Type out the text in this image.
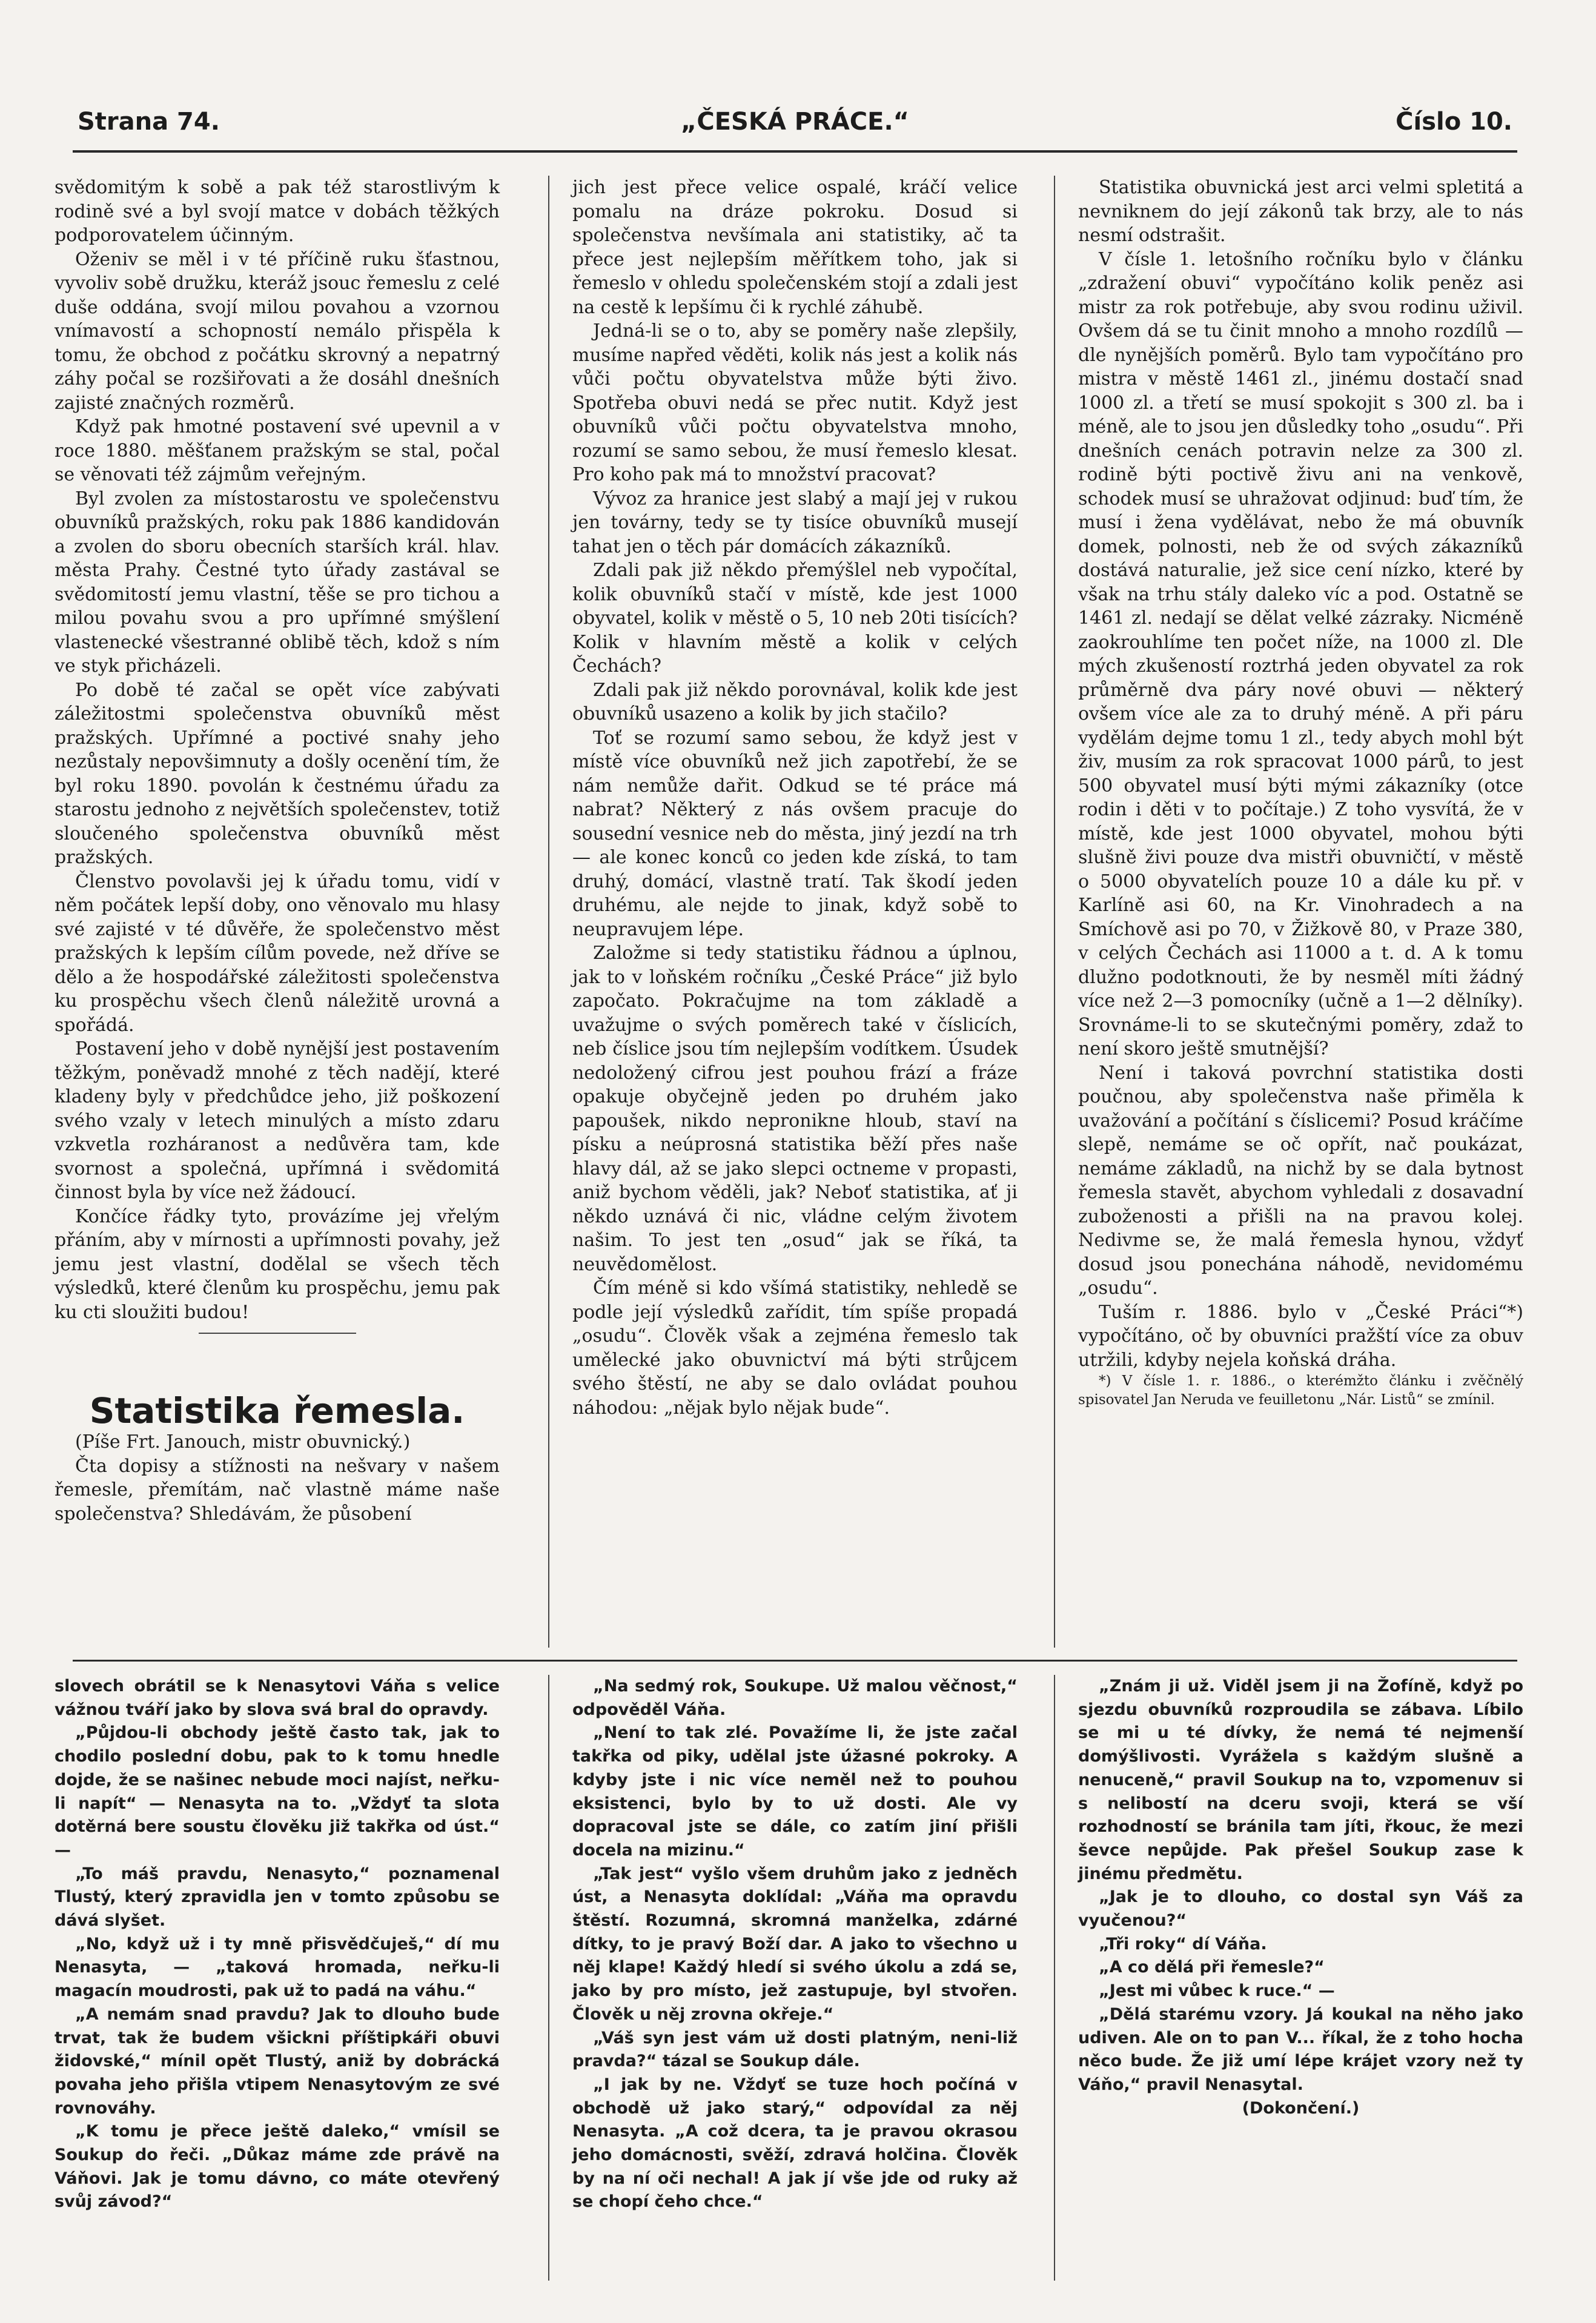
Strana 74.	„ČESKÁ PRÁCE.“	Číslo 10.

svědomitým k sobě a pak též starostlivým k rodině své a byl svojí matce v dobách těžkých podporovatelem účinným.

Oženiv se měl i v té příčině ruku šťastnou, vyvoliv sobě družku, kteráž jsouc řemeslu z celé duše oddána, svojí milou povahou a vzornou vnímavostí a schopností nemálo přispěla k tomu, že obchod z počátku skrovný a nepatrný záhy počal se rozšiřovati a že dosáhl dnešních zajisté značných rozměrů.

Když pak hmotné postavení své upevnil a v roce 1880. měšťanem pražským se stal, počal se věnovati též zájmům veřejným.

Byl zvolen za místostarostu ve společenstvu obuvníků pražských, roku pak 1886 kandidován a zvolen do sboru obecních starších král. hlav. města Prahy. Čestné tyto úřady zastával se svědomitostí jemu vlastní, těše se pro tichou a milou povahu svou a pro upřímné smýšlení vlastenecké všestranné oblibě těch, kdož s ním ve styk přicházeli.

Po době té začal se opět více zabývati záležitostmi společenstva obuvníků měst pražských. Upřímné a poctivé snahy jeho nezůstaly nepovšimnuty a došly ocenění tím, že byl roku 1890. povolán k čestnému úřadu za starostu jednoho z největších společenstev, totiž sloučeného společenstva obuvníků měst pražských.

Členstvo povolavši jej k úřadu tomu, vidí v něm počátek lepší doby, ono věnovalo mu hlasy své zajisté v té důvěře, že společenstvo měst pražských k lepším cílům povede, než dříve se dělo a že hospodářské záležitosti společenstva ku prospěchu všech členů náležitě urovná a spořádá.

Postavení jeho v době nynější jest postavením těžkým, poněvadž mnohé z těch nadějí, které kladeny byly v předchůdce jeho, již poškození svého vzaly v letech minulých a místo zdaru vzkvetla rozháranost a nedůvěra tam, kde svornost a společná, upřímná i svědomitá činnost byla by více než žádoucí.

Končíce řádky tyto, provázíme jej vřelým přáním, aby v mírnosti a upřímnosti povahy, jež jemu jest vlastní, dodělal se všech těch výsledků, které členům ku prospěchu, jemu pak ku cti sloužiti budou!

Statistika řemesla.

(Píše Frt. Janouch, mistr obuvnický.)

Čta dopisy a stížnosti na nešvary v našem řemesle, přemítám, nač vlastně máme naše společenstva? Shledávám, že působení

jich jest přece velice ospalé, kráčí velice pomalu na dráze pokroku. Dosud si společenstva nevšímala ani statistiky, ač ta přece jest nejlepším měřítkem toho, jak si řemeslo v ohledu společenském stojí a zdali jest na cestě k lepšímu či k rychlé záhubě.

Jedná-li se o to, aby se poměry naše zlepšily, musíme napřed věděti, kolik nás jest a kolik nás vůči počtu obyvatelstva může býti živo. Spotřeba obuvi nedá se přec nutit. Když jest obuvníků vůči počtu obyvatelstva mnoho, rozumí se samo sebou, že musí řemeslo klesat. Pro koho pak má to množství pracovat?

Vývoz za hranice jest slabý a mají jej v rukou jen továrny, tedy se ty tisíce obuvníků musejí tahat jen o těch pár domácích zákazníků.

Zdali pak již někdo přemýšlel neb vypočítal, kolik obuvníků stačí v místě, kde jest 1000 obyvatel, kolik v městě o 5, 10 neb 20ti tisících? Kolik v hlavním městě a kolik v celých Čechách?

Zdali pak již někdo porovnával, kolik kde jest obuvníků usazeno a kolik by jich stačilo?

Toť se rozumí samo sebou, že když jest v místě více obuvníků než jich zapotřebí, že se nám nemůže dařit. Odkud se té práce má nabrat? Některý z nás ovšem pracuje do sousední vesnice neb do města, jiný jezdí na trh — ale konec konců co jeden kde získá, to tam druhý, domácí, vlastně tratí. Tak škodí jeden druhému, ale nejde to jinak, když sobě to neupravujem lépe.

Založme si tedy statistiku řádnou a úplnou, jak to v loňském ročníku „České Práce“ již bylo započato. Pokračujme na tom základě a uvažujme o svých poměrech také v číslicích, neb číslice jsou tím nejlepším vodítkem. Úsudek nedoložený cifrou jest pouhou frází a fráze opakuje obyčejně jeden po druhém jako papoušek, nikdo nepronikne hloub, staví na písku a neúprosná statistika běží přes naše hlavy dál, až se jako slepci octneme v propasti, aniž bychom věděli, jak? Neboť statistika, ať ji někdo uznává či nic, vládne celým životem našim. To jest ten „osud“ jak se říká, ta neuvědomělost.

Čím méně si kdo všímá statistiky, nehledě se podle její výsledků zařídit, tím spíše propadá „osudu“. Člověk však a zejména řemeslo tak umělecké jako obuvnictví má býti strůjcem svého štěstí, ne aby se dalo ovládat pouhou náhodou: „nějak bylo nějak bude“.

Statistika obuvnická jest arci velmi spletitá a nevniknem do její zákonů tak brzy, ale to nás nesmí odstrašit.

V čísle 1. letošního ročníku bylo v článku „zdražení obuvi“ vypočítáno kolik peněz asi mistr za rok potřebuje, aby svou rodinu uživil. Ovšem dá se tu činit mnoho a mnoho rozdílů — dle nynějších poměrů. Bylo tam vypočítáno pro mistra v městě 1461 zl., jinému dostačí snad 1000 zl. a třetí se musí spokojit s 300 zl. ba i méně, ale to jsou jen důsledky toho „osudu“. Při dnešních cenách potravin nelze za 300 zl. rodině býti poctivě živu ani na venkově, schodek musí se uhražovat odjinud: buď tím, že musí i žena vydělávat, nebo že má obuvník domek, polnosti, neb že od svých zákazníků dostává naturalie, jež sice cení nízko, které by však na trhu stály daleko víc a pod. Ostatně se 1461 zl. nedají se dělat velké zázraky. Nicméně zaokrouhlíme ten počet níže, na 1000 zl. Dle mých zkušeností roztrhá jeden obyvatel za rok průměrně dva páry nové obuvi — některý ovšem více ale za to druhý méně. A při páru vydělám dejme tomu 1 zl., tedy abych mohl být živ, musím za rok spracovat 1000 párů, to jest 500 obyvatel musí býti mými zákazníky (otce rodin i děti v to počítaje.) Z toho vysvítá, že v místě, kde jest 1000 obyvatel, mohou býti slušně živi pouze dva mistři obuvničtí, v městě o 5000 obyvatelích pouze 10 a dále ku př. v Karlíně asi 60, na Kr. Vinohradech a na Smíchově asi po 70, v Žižkově 80, v Praze 380, v celých Čechách asi 11000 a t. d. A k tomu dlužno podotknouti, že by nesměl míti žádný více než 2—3 pomocníky (učně a 1—2 dělníky). Srovnáme-li to se skutečnými poměry, zdaž to není skoro ještě smutnější?

Není i taková povrchní statistika dosti poučnou, aby společenstva naše přiměla k uvažování a počítání s číslicemi? Posud kráčíme slepě, nemáme se oč opřít, nač poukázat, nemáme základů, na nichž by se dala bytnost řemesla stavět, abychom vyhledali z dosavadní zuboženosti a přišli na na pravou kolej. Nedivme se, že malá řemesla hynou, vždyť dosud jsou ponechána náhodě, nevidomému „osudu“.

Tuším r. 1886. bylo v „České Práci“*) vypočítáno, oč by obuvníci pražští více za obuv utržili, kdyby nejela koňská dráha.

*) V čísle 1. r. 1886., o kterémžto článku i zvěčnělý spisovatel Jan Neruda ve feuilletonu „Nár. Listů“ se zmínil.

slovech obrátil se k Nenasytovi Váňa s velice vážnou tváří jako by slova svá bral do opravdy.

„Půjdou-li obchody ještě často tak, jak to chodilo poslední dobu, pak to k tomu hnedle dojde, že se našinec nebude moci najíst, neřku-li napít“ — Nenasyta na to. „Vždyť ta slota dotěrná bere soustu člověku již takřka od úst.“ —

„To máš pravdu, Nenasyto,“ poznamenal Tlustý, který zpravidla jen v tomto způsobu se dává slyšet.

„No, když už i ty mně přisvědčuješ,“ dí mu Nenasyta, — „taková hromada, neřku-li magacín moudrosti, pak už to padá na váhu.“

„A nemám snad pravdu? Jak to dlouho bude trvat, tak že budem všickni příštipkáři obuvi židovské,“ mínil opět Tlustý, aniž by dobrácká povaha jeho přišla vtipem Nenasytovým ze své rovnováhy.

„K tomu je přece ještě daleko,“ vmísil se Soukup do řeči. „Důkaz máme zde právě na Váňovi. Jak je tomu dávno, co máte otevřený svůj závod?“

„Na sedmý rok, Soukupe. Už malou věčnost,“ odpověděl Váňa.

„Není to tak zlé. Považíme li, že jste začal takřka od piky, udělal jste úžasné pokroky. A kdyby jste i nic více neměl než to pouhou eksistenci, bylo by to už dosti. Ale vy dopracoval jste se dále, co zatím jiní přišli docela na mizinu.“

„Tak jest“ vyšlo všem druhům jako z jedněch úst, a Nenasyta doklídal: „Váňa ma opravdu štěstí. Rozumná, skromná manželka, zdárné dítky, to je pravý Boží dar. A jako to všechno u něj klape! Každý hledí si svého úkolu a zdá se, jako by pro místo, jež zastupuje, byl stvořen. Člověk u něj zrovna okřeje.“

„Váš syn jest vám už dosti platným, neni-liž pravda?“ tázal se Soukup dále.

„I jak by ne. Vždyť se tuze hoch počíná v obchodě už jako starý,“ odpovídal za něj Nenasyta. „A což dcera, ta je pravou okrasou jeho domácnosti, svěží, zdravá holčina. Člověk by na ní oči nechal! A jak jí vše jde od ruky až se chopí čeho chce.“

„Znám ji už. Viděl jsem ji na Žofíně, když po sjezdu obuvníků rozproudila se zábava. Líbilo se mi u té dívky, že nemá té nejmenší domýšlivosti. Vyrážela s každým slušně a nenuceně,“ pravil Soukup na to, vzpomenuv si s nelibostí na dceru svoji, která se vší rozhodností se bránila tam jíti, řkouc, že mezi ševce nepůjde. Pak přešel Soukup zase k jinému předmětu.

„Jak je to dlouho, co dostal syn Váš za vyučenou?“

„Tři roky“ dí Váňa.

„A co dělá při řemesle?“

„Jest mi vůbec k ruce.“ —

„Dělá starému vzory. Já koukal na něho jako udiven. Ale on to pan V... říkal, že z toho hocha něco bude. Že již umí lépe krájet vzory než ty Váňo,“ pravil Nenasytal.

(Dokončení.)
